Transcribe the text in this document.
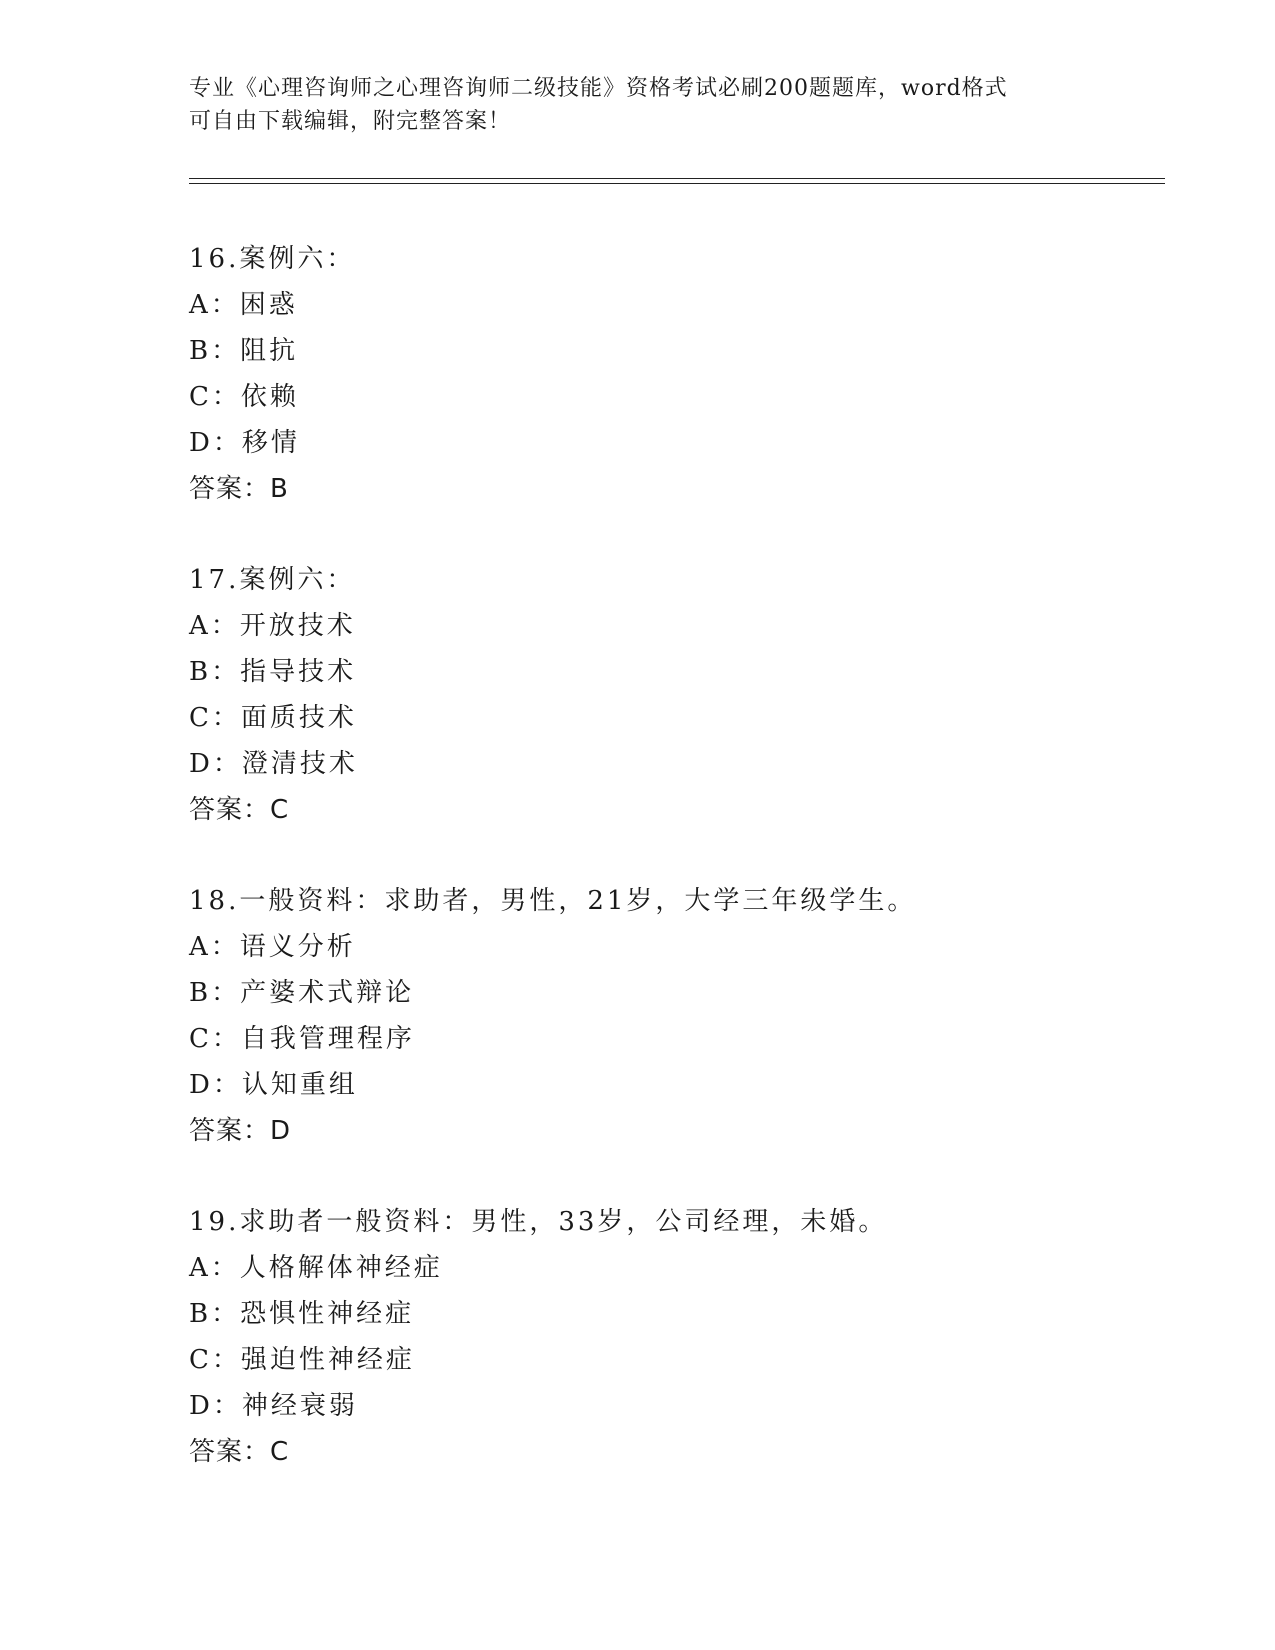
专业《心理咨询师之心理咨询师二级技能》资格考试必刷200题题库，word格式
可自由下载编辑，附完整答案！
16.案例六：
A：困惑
B：阻抗
C：依赖
D：移情
答案：B
17.案例六：
A：开放技术
B：指导技术
C：面质技术
D：澄清技术
答案：C
18.一般资料：求助者，男性，21岁，大学三年级学生。
A：语义分析
B：产婆术式辩论
C：自我管理程序
D：认知重组
答案：D
19.求助者一般资料：男性，33岁，公司经理，未婚。
A：人格解体神经症
B：恐惧性神经症
C：强迫性神经症
D：神经衰弱
答案：C
